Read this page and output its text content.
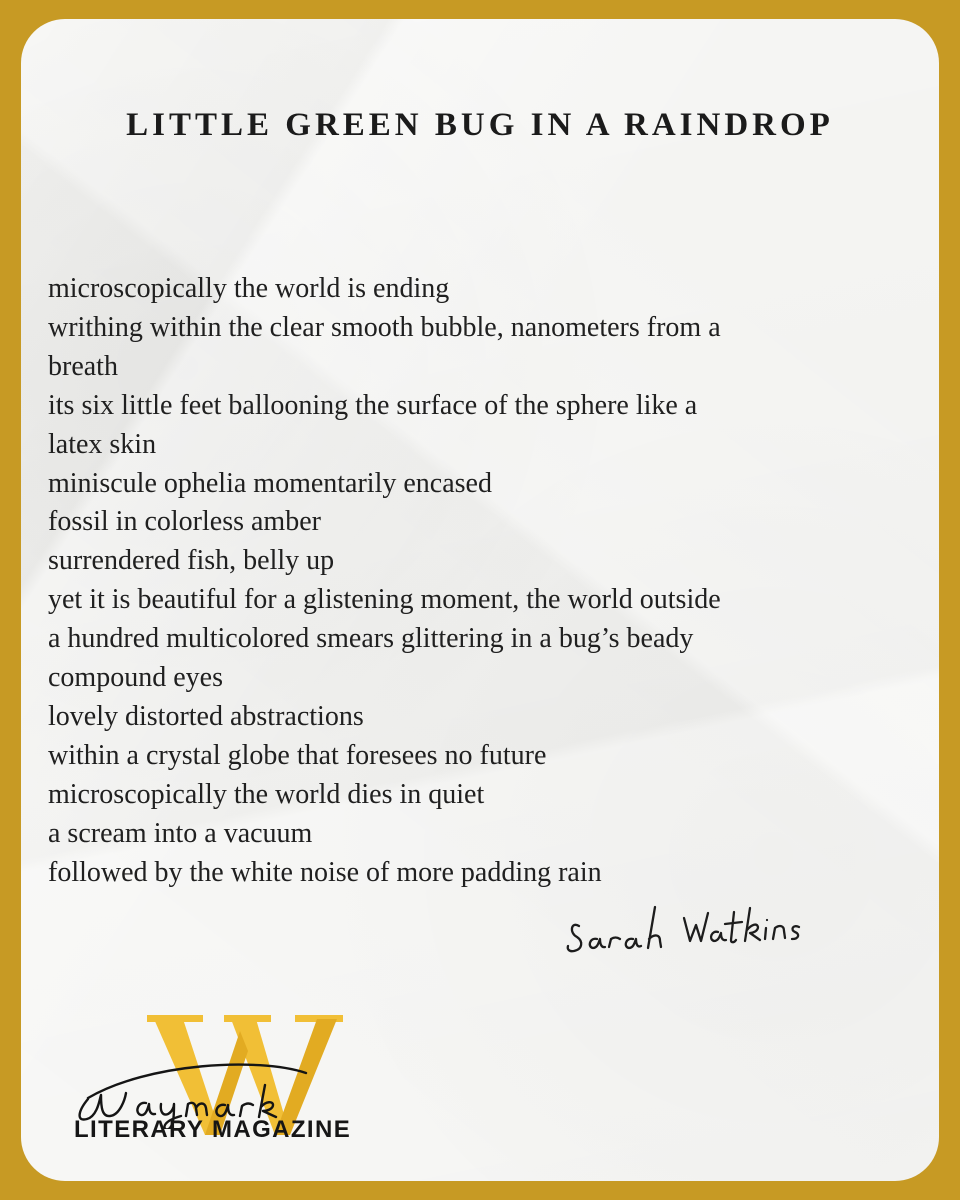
LITTLE GREEN BUG IN A RAINDROP
microscopically the world is ending
writhing within the clear smooth bubble, nanometers from a
breath
its six little feet ballooning the surface of the sphere like a
latex skin
miniscule ophelia momentarily encased
fossil in colorless amber
surrendered fish, belly up
yet it is beautiful for a glistening moment, the world outside
a hundred multicolored smears glittering in a bug’s beady
compound eyes
lovely distorted abstractions
within a crystal globe that foresees no future
microscopically the world dies in quiet
a scream into a vacuum
followed by the white noise of more padding rain
LITERARY MAGAZINE
